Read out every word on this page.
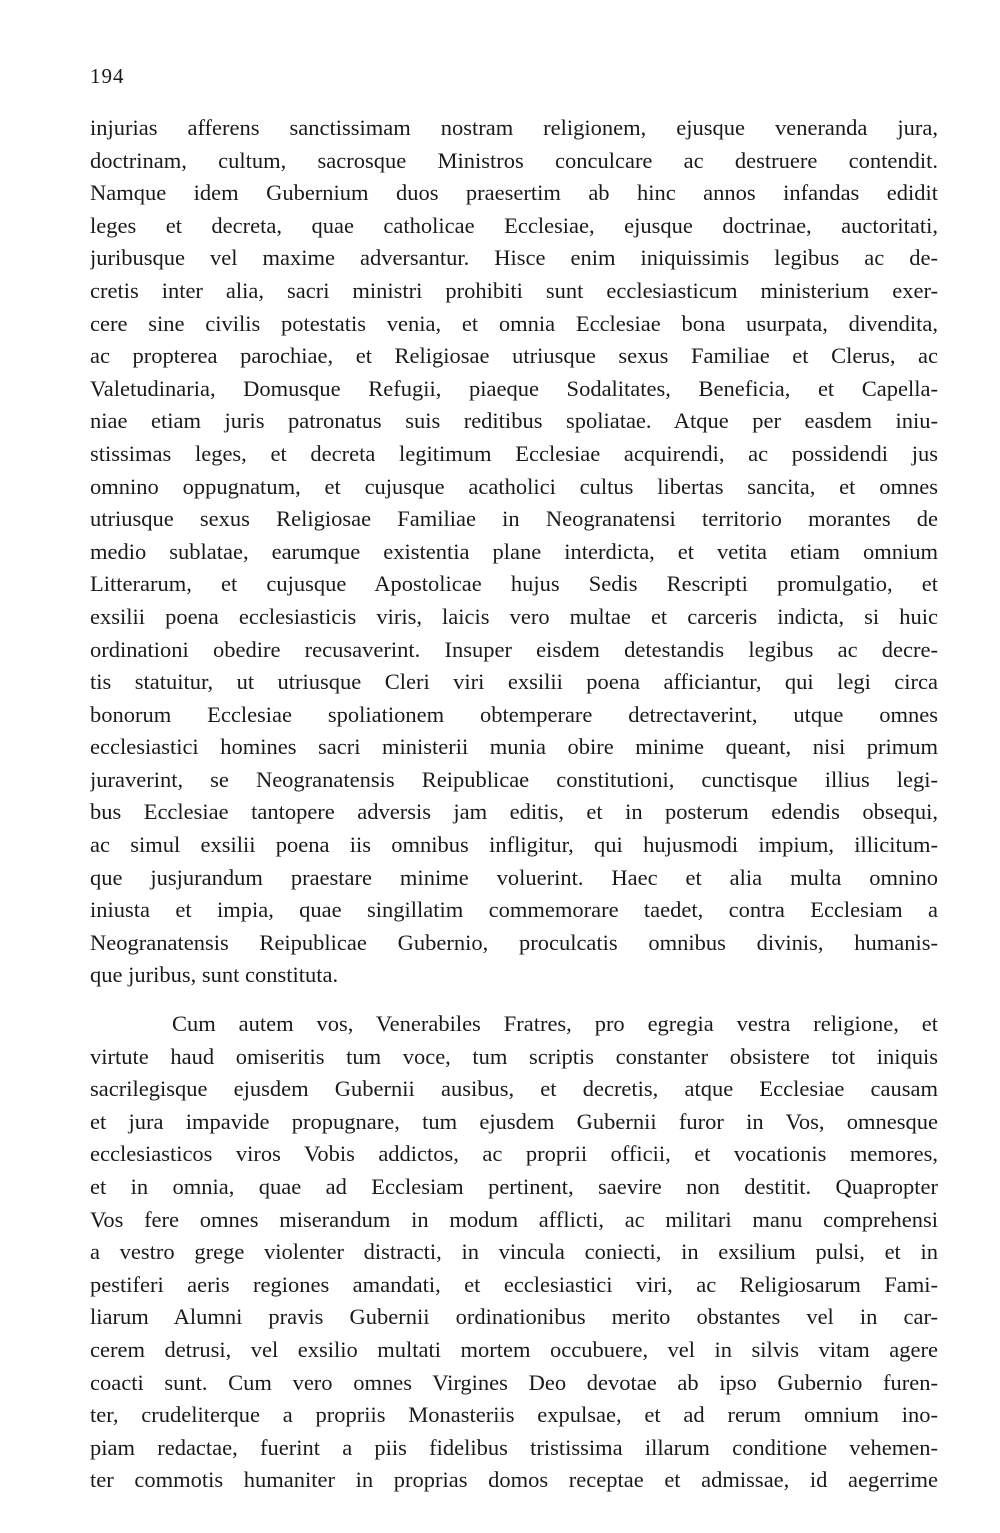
194
injurias afferens sanctissimam nostram religionem, ejusque veneranda jura,
doctrinam, cultum, sacrosque Ministros conculcare ac destruere contendit.
Namque idem Gubernium duos praesertim ab hinc annos infandas edidit
leges et decreta, quae catholicae Ecclesiae, ejusque doctrinae, auctoritati,
juribusque vel maxime adversantur. Hisce enim iniquissimis legibus ac de-
cretis inter alia, sacri ministri prohibiti sunt ecclesiasticum ministerium exer-
cere sine civilis potestatis venia, et omnia Ecclesiae bona usurpata, divendita,
ac propterea parochiae, et Religiosae utriusque sexus Familiae et Clerus, ac
Valetudinaria, Domusque Refugii, piaeque Sodalitates, Beneficia, et Capella-
niae etiam juris patronatus suis reditibus spoliatae. Atque per easdem iniu-
stissimas leges, et decreta legitimum Ecclesiae acquirendi, ac possidendi jus
omnino oppugnatum, et cujusque acatholici cultus libertas sancita, et omnes
utriusque sexus Religiosae Familiae in Neogranatensi territorio morantes de
medio sublatae, earumque existentia plane interdicta, et vetita etiam omnium
Litterarum, et cujusque Apostolicae hujus Sedis Rescripti promulgatio, et
exsilii poena ecclesiasticis viris, laicis vero multae et carceris indicta, si huic
ordinationi obedire recusaverint. Insuper eisdem detestandis legibus ac decre-
tis statuitur, ut utriusque Cleri viri exsilii poena afficiantur, qui legi circa
bonorum Ecclesiae spoliationem obtemperare detrectaverint, utque omnes
ecclesiastici homines sacri ministerii munia obire minime queant, nisi primum
juraverint, se Neogranatensis Reipublicae constitutioni, cunctisque illius legi-
bus Ecclesiae tantopere adversis jam editis, et in posterum edendis obsequi,
ac simul exsilii poena iis omnibus infligitur, qui hujusmodi impium, illicitum-
que jusjurandum praestare minime voluerint. Haec et alia multa omnino
iniusta et impia, quae singillatim commemorare taedet, contra Ecclesiam a
Neogranatensis Reipublicae Gubernio, proculcatis omnibus divinis, humanis-
que juribus, sunt constituta.
Cum autem vos, Venerabiles Fratres, pro egregia vestra religione, et
virtute haud omiseritis tum voce, tum scriptis constanter obsistere tot iniquis
sacrilegisque ejusdem Gubernii ausibus, et decretis, atque Ecclesiae causam
et jura impavide propugnare, tum ejusdem Gubernii furor in Vos, omnesque
ecclesiasticos viros Vobis addictos, ac proprii officii, et vocationis memores,
et in omnia, quae ad Ecclesiam pertinent, saevire non destitit. Quapropter
Vos fere omnes miserandum in modum afflicti, ac militari manu comprehensi
a vestro grege violenter distracti, in vincula coniecti, in exsilium pulsi, et in
pestiferi aeris regiones amandati, et ecclesiastici viri, ac Religiosarum Fami-
liarum Alumni pravis Gubernii ordinationibus merito obstantes vel in car-
cerem detrusi, vel exsilio multati mortem occubuere, vel in silvis vitam agere
coacti sunt. Cum vero omnes Virgines Deo devotae ab ipso Gubernio furen-
ter, crudeliterque a propriis Monasteriis expulsae, et ad rerum omnium ino-
piam redactae, fuerint a piis fidelibus tristissima illarum conditione vehemen-
ter commotis humaniter in proprias domos receptae et admissae, id aegerrime
